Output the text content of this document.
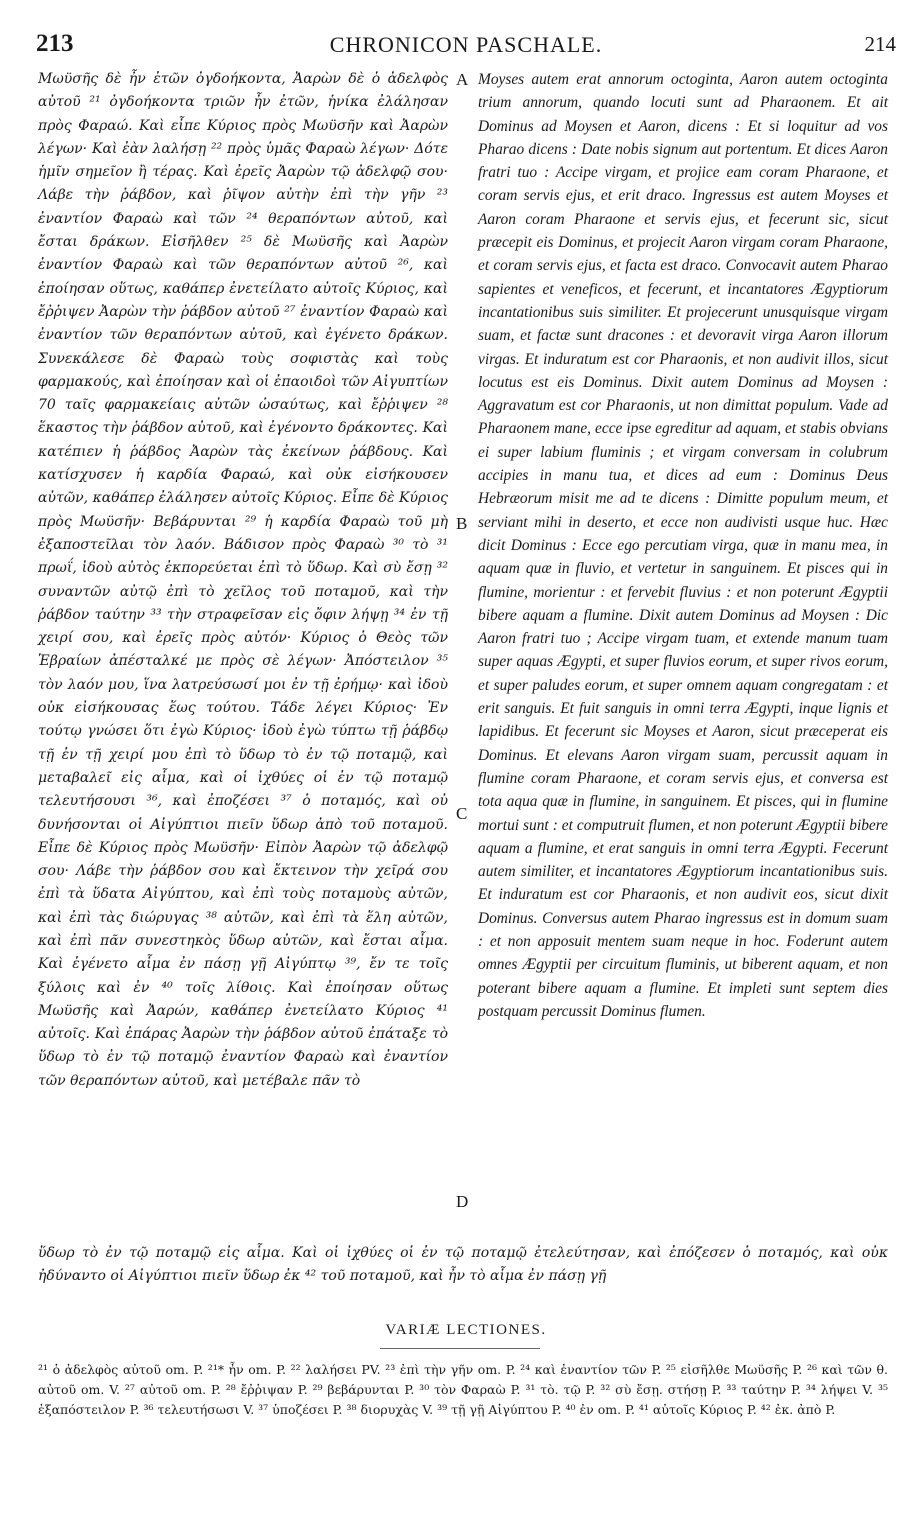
213	CHRONICON PASCHALE.	214

Μωϋσῆς δὲ ἦν ἐτῶν ὀγδοήκοντα, Ἀαρὼν δὲ ὁ ἀδελφὸς αὐτοῦ ²¹ ὀγδοήκοντα τριῶν ἦν ἐτῶν, ἡνίκα ἐλάλησαν πρὸς Φαραώ. Καὶ εἶπε Κύριος πρὸς Μωϋσῆν καὶ Ἀαρὼν λέγων· Καὶ ἐὰν λαλήσῃ ²² πρὸς ὑμᾶς Φαραὼ λέγων· Δότε ἡμῖν σημεῖον ἢ τέρας. Καὶ ἐρεῖς Ἀαρὼν τῷ ἀδελφῷ σου· Λάβε τὴν ῥάβδον, καὶ ῥῖψον αὐτὴν ἐπὶ τὴν γῆν ²³ ἐναντίον Φαραὼ καὶ τῶν ²⁴ θεραπόντων αὐτοῦ, καὶ ἔσται δράκων. Εἰσῆλθεν ²⁵ δὲ Μωϋσῆς καὶ Ἀαρὼν ἐναντίον Φαραὼ καὶ τῶν θεραπόντων αὐτοῦ ²⁶, καὶ ἐποίησαν οὕτως, καθάπερ ἐνετείλατο αὐτοῖς Κύριος, καὶ ἔῤῥιψεν Ἀαρὼν τὴν ῥάβδον αὐτοῦ ²⁷ ἐναντίον Φαραὼ καὶ ἐναντίον τῶν θεραπόντων αὐτοῦ, καὶ ἐγένετο δράκων. Συνεκάλεσε δὲ Φαραὼ τοὺς σοφιστὰς καὶ τοὺς φαρμακούς, καὶ ἐποίησαν καὶ οἱ ἐπαοιδοὶ τῶν Αἰγυπτίων 70 ταῖς φαρμακείαις αὐτῶν ὡσαύτως, καὶ ἔῤῥιψεν ²⁸ ἕκαστος τὴν ῥάβδον αὐτοῦ, καὶ ἐγένοντο δράκοντες. Καὶ κατέπιεν ἡ ῥάβδος Ἀαρὼν τὰς ἐκείνων ῥάβδους. Καὶ κατίσχυσεν ἡ καρδία Φαραώ, καὶ οὐκ εἰσήκουσεν αὐτῶν, καθάπερ ἐλάλησεν αὐτοῖς Κύριος. Εἶπε δὲ Κύριος πρὸς Μωϋσῆν· Βεβάρυνται ²⁹ ἡ καρδία Φαραὼ τοῦ μὴ ἐξαποστεῖλαι τὸν λαόν. Βάδισον πρὸς Φαραὼ ³⁰ τὸ ³¹ πρωΐ, ἰδοὺ αὐτὸς ἐκπορεύεται ἐπὶ τὸ ὕδωρ. Καὶ σὺ ἔσῃ ³² συναντῶν αὐτῷ ἐπὶ τὸ χεῖλος τοῦ ποταμοῦ, καὶ τὴν ῥάβδον ταύτην ³³ τὴν στραφεῖσαν εἰς ὄφιν λήψῃ ³⁴ ἐν τῇ χειρί σου, καὶ ἐρεῖς πρὸς αὐτόν· Κύριος ὁ Θεὸς τῶν Ἑβραίων ἀπέσταλκέ με πρὸς σὲ λέγων· Ἀπόστειλον ³⁵ τὸν λαόν μου, ἵνα λατρεύσωσί μοι ἐν τῇ ἐρήμῳ· καὶ ἰδοὺ οὐκ εἰσήκουσας ἕως τούτου. Τάδε λέγει Κύριος· Ἐν τούτῳ γνώσει ὅτι ἐγὼ Κύριος· ἰδοὺ ἐγὼ τύπτω τῇ ῥάβδῳ τῇ ἐν τῇ χειρί μου ἐπὶ τὸ ὕδωρ τὸ ἐν τῷ ποταμῷ, καὶ μεταβαλεῖ εἰς αἷμα, καὶ οἱ ἰχθύες οἱ ἐν τῷ ποταμῷ τελευτήσουσι ³⁶, καὶ ἐποζέσει ³⁷ ὁ ποταμός, καὶ οὐ δυνήσονται οἱ Αἰγύπτιοι πιεῖν ὕδωρ ἀπὸ τοῦ ποταμοῦ. Εἶπε δὲ Κύριος πρὸς Μωϋσῆν· Εἰπὸν Ἀαρὼν τῷ ἀδελφῷ σου· Λάβε τὴν ῥάβδον σου καὶ ἔκτεινον τὴν χεῖρά σου ἐπὶ τὰ ὕδατα Αἰγύπτου, καὶ ἐπὶ τοὺς ποταμοὺς αὐτῶν, καὶ ἐπὶ τὰς διώρυγας ³⁸ αὐτῶν, καὶ ἐπὶ τὰ ἕλη αὐτῶν, καὶ ἐπὶ πᾶν συνεστηκὸς ὕδωρ αὐτῶν, καὶ ἔσται αἷμα. Καὶ ἐγένετο αἷμα ἐν πάσῃ γῇ Αἰγύπτῳ ³⁹, ἔν τε τοῖς ξύλοις καὶ ἐν ⁴⁰ τοῖς λίθοις. Καὶ ἐποίησαν οὕτως Μωϋσῆς καὶ Ἀαρών, καθάπερ ἐνετείλατο Κύριος ⁴¹ αὐτοῖς. Καὶ ἐπάρας Ἀαρὼν τὴν ῥάβδον αὐτοῦ ἐπάταξε τὸ ὕδωρ τὸ ἐν τῷ ποταμῷ ἐναντίον Φαραὼ καὶ ἐναντίον τῶν θεραπόντων αὐτοῦ, καὶ μετέβαλε πᾶν τὸ

A
B
C
D

Moyses autem erat annorum octoginta, Aaron autem octoginta trium annorum, quando locuti sunt ad Pharaonem. Et ait Dominus ad Moysen et Aaron, dicens : Et si loquitur ad vos Pharao dicens : Date nobis signum aut portentum. Et dices Aaron fratri tuo : Accipe virgam, et projice eam coram Pharaone, et coram servis ejus, et erit draco. Ingressus est autem Moyses et Aaron coram Pharaone et servis ejus, et fecerunt sic, sicut præcepit eis Dominus, et projecit Aaron virgam coram Pharaone, et coram servis ejus, et facta est draco. Convocavit autem Pharao sapientes et veneficos, et fecerunt, et incantatores Ægyptiorum incantationibus suis similiter. Et projecerunt unusquisque virgam suam, et factæ sunt dracones : et devoravit virga Aaron illorum virgas. Et induratum est cor Pharaonis, et non audivit illos, sicut locutus est eis Dominus. Dixit autem Dominus ad Moysen : Aggravatum est cor Pharaonis, ut non dimittat populum. Vade ad Pharaonem mane, ecce ipse egreditur ad aquam, et stabis obvians ei super labium fluminis ; et virgam conversam in colubrum accipies in manu tua, et dices ad eum : Dominus Deus Hebræorum misit me ad te dicens : Dimitte populum meum, et serviant mihi in deserto, et ecce non audivisti usque huc. Hæc dicit Dominus : Ecce ego percutiam virga, quæ in manu mea, in aquam quæ in fluvio, et vertetur in sanguinem. Et pisces qui in flumine, morientur : et fervebit fluvius : et non poterunt Ægyptii bibere aquam a flumine. Dixit autem Dominus ad Moysen : Dic Aaron fratri tuo ; Accipe virgam tuam, et extende manum tuam super aquas Ægypti, et super fluvios eorum, et super rivos eorum, et super paludes eorum, et super omnem aquam congregatam : et erit sanguis. Et fuit sanguis in omni terra Ægypti, inque lignis et lapidibus. Et fecerunt sic Moyses et Aaron, sicut præceperat eis Dominus. Et elevans Aaron virgam suam, percussit aquam in flumine coram Pharaone, et coram servis ejus, et conversa est tota aqua quæ in flumine, in sanguinem. Et pisces, qui in flumine mortui sunt : et computruit flumen, et non poterunt Ægyptii bibere aquam a flumine, et erat sanguis in omni terra Ægypti. Fecerunt autem similiter, et incantatores Ægyptiorum incantationibus suis. Et induratum est cor Pharaonis, et non audivit eos, sicut dixit Dominus. Conversus autem Pharao ingressus est in domum suam : et non apposuit mentem suam neque in hoc. Foderunt autem omnes Ægyptii per circuitum fluminis, ut biberent aquam, et non poterant bibere aquam a flumine. Et impleti sunt septem dies postquam percussit Dominus flumen.

ὕδωρ τὸ ἐν τῷ ποταμῷ εἰς αἷμα. Καὶ οἱ ἰχθύες οἱ ἐν τῷ ποταμῷ ἐτελεύτησαν, καὶ ἐπόζεσεν ὁ ποταμός, καὶ οὐκ ἠδύναντο οἱ Αἰγύπτιοι πιεῖν ὕδωρ ἐκ ⁴² τοῦ ποταμοῦ, καὶ ἦν τὸ αἷμα ἐν πάσῃ γῇ
VARIÆ LECTIONES.
²¹ ὁ ἀδελφὸς αὐτοῦ om. P. ²¹* ἦν om. P. ²² λαλήσει PV. ²³ ἐπὶ τὴν γῆν om. P. ²⁴ καὶ ἐναντίον τῶν P. ²⁵ εἰσῆλθε Μωϋσῆς P. ²⁶ καὶ τῶν θ. αὐτοῦ om. V. ²⁷ αὐτοῦ om. P. ²⁸ ἔῤῥιψαν P. ²⁹ βεβάρυνται P. ³⁰ τὸν Φαραὼ P. ³¹ τὸ. τῷ P. ³² σὺ ἔσῃ. στήσῃ P. ³³ ταύτην P. ³⁴ λήψει V. ³⁵ ἐξαπόστειλον P. ³⁶ τελευτήσωσι V. ³⁷ ὑποζέσει P. ³⁸ διορυχὰς V. ³⁹ τῇ γῇ Αἰγύπτου P. ⁴⁰ ἐν om. P. ⁴¹ αὐτοῖς Κύριος P. ⁴² ἐκ. ἀπὸ P.
